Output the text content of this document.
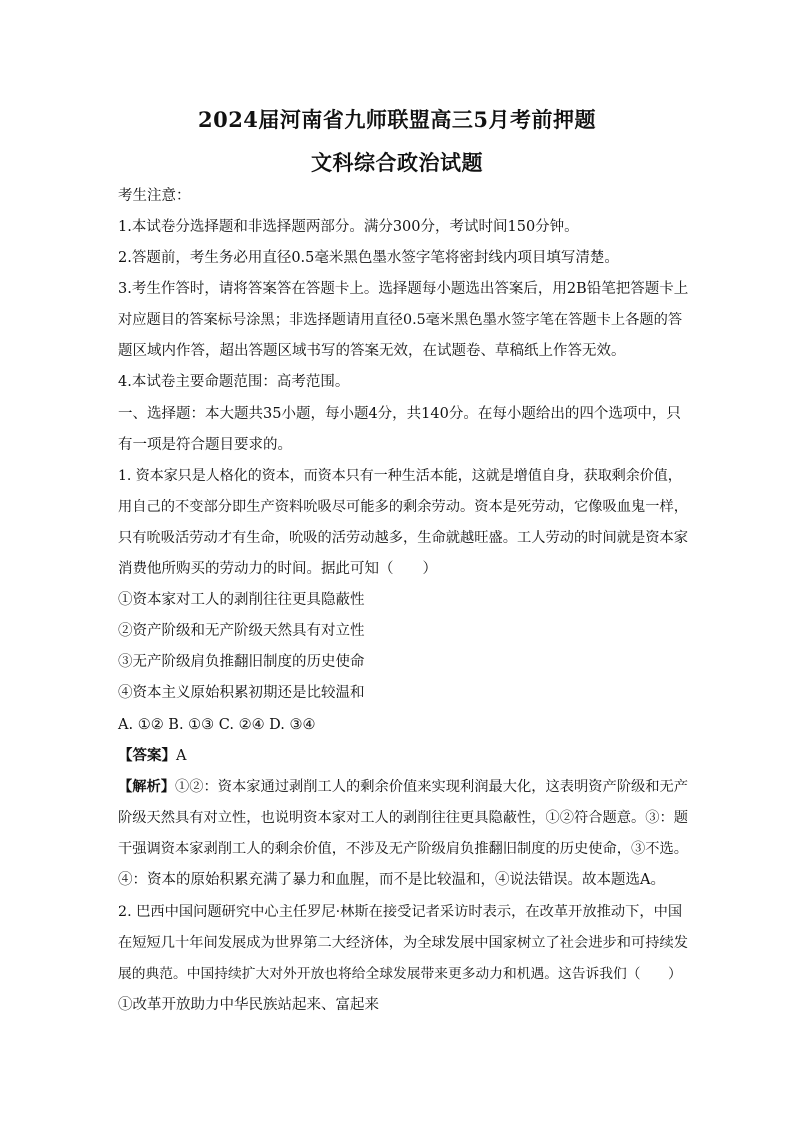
2024届河南省九师联盟高三5月考前押题
文科综合政治试题
考生注意：
1.本试卷分选择题和非选择题两部分。满分300分，考试时间150分钟。
2.答题前，考生务必用直径0.5毫米黑色墨水签字笔将密封线内项目填写清楚。
3.考生作答时，请将答案答在答题卡上。选择题每小题选出答案后，用2B铅笔把答题卡上
对应题目的答案标号涂黑；非选择题请用直径0.5毫米黑色墨水签字笔在答题卡上各题的答
题区域内作答，超出答题区域书写的答案无效，在试题卷、草稿纸上作答无效。
4.本试卷主要命题范围：高考范围。
一、选择题：本大题共35小题，每小题4分，共140分。在每小题给出的四个选项中，只
有一项是符合题目要求的。
1. 资本家只是人格化的资本，而资本只有一种生活本能，这就是增值自身，获取剩余价值，
用自己的不变部分即生产资料吮吸尽可能多的剩余劳动。资本是死劳动，它像吸血鬼一样，
只有吮吸活劳动才有生命，吮吸的活劳动越多，生命就越旺盛。工人劳动的时间就是资本家
消费他所购买的劳动力的时间。据此可知（　　）
①资本家对工人的剥削往往更具隐蔽性
②资产阶级和无产阶级天然具有对立性
③无产阶级肩负推翻旧制度的历史使命
④资本主义原始积累初期还是比较温和
A. ①② B. ①③ C. ②④ D. ③④
【答案】A
【解析】①②：资本家通过剥削工人的剩余价值来实现利润最大化，这表明资产阶级和无产
阶级天然具有对立性，也说明资本家对工人的剥削往往更具隐蔽性，①②符合题意。③：题
干强调资本家剥削工人的剩余价值，不涉及无产阶级肩负推翻旧制度的历史使命，③不选。
④：资本的原始积累充满了暴力和血腥，而不是比较温和，④说法错误。故本题选A。
2. 巴西中国问题研究中心主任罗尼·林斯在接受记者采访时表示，在改革开放推动下，中国
在短短几十年间发展成为世界第二大经济体，为全球发展中国家树立了社会进步和可持续发
展的典范。中国持续扩大对外开放也将给全球发展带来更多动力和机遇。这告诉我们（　　）
①改革开放助力中华民族站起来、富起来
